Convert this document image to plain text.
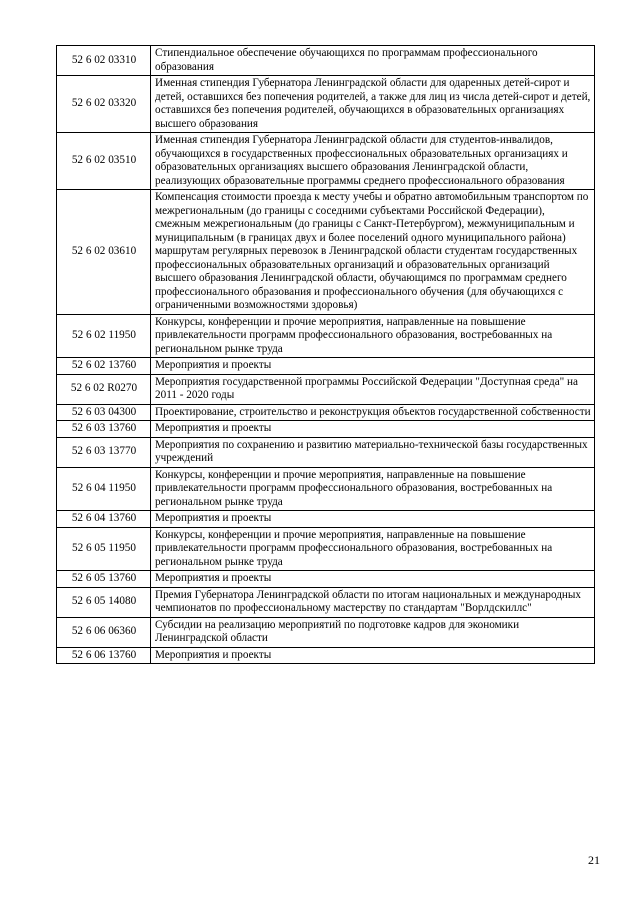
52 6 02 03310	Стипендиальное обеспечение обучающихся по программам профессионального образования
52 6 02 03320	Именная стипендия Губернатора Ленинградской области для одаренных детей-сирот и детей, оставшихся без попечения родителей, а также для лиц из числа детей-сирот и детей, оставшихся без попечения родителей, обучающихся в образовательных организациях высшего образования
52 6 02 03510	Именная стипендия Губернатора Ленинградской области для студентов-инвалидов, обучающихся в государственных профессиональных образовательных организациях и образовательных организациях высшего образования Ленинградской области, реализующих образовательные программы среднего профессионального образования
52 6 02 03610	Компенсация стоимости проезда к месту учебы и обратно автомобильным транспортом по межрегиональным (до границы с соседними субъектами Российской Федерации), смежным межрегиональным (до границы с Санкт-Петербургом), межмуниципальным и муниципальным (в границах двух и более поселений одного муниципального района) маршрутам регулярных перевозок в Ленинградской области студентам государственных профессиональных образовательных организаций и образовательных организаций высшего образования Ленинградской области, обучающимся по программам среднего профессионального образования и профессионального обучения (для обучающихся с ограниченными возможностями здоровья)
52 6 02 11950	Конкурсы, конференции и прочие мероприятия, направленные на повышение привлекательности программ профессионального образования, востребованных на региональном рынке труда
52 6 02 13760	Мероприятия и проекты
52 6 02 R0270	Мероприятия государственной программы Российской Федерации "Доступная среда" на 2011 - 2020 годы
52 6 03 04300	Проектирование, строительство и реконструкция объектов государственной собственности
52 6 03 13760	Мероприятия и проекты
52 6 03 13770	Мероприятия по сохранению и развитию материально-технической базы государственных учреждений
52 6 04 11950	Конкурсы, конференции и прочие мероприятия, направленные на повышение привлекательности программ профессионального образования, востребованных на региональном рынке труда
52 6 04 13760	Мероприятия и проекты
52 6 05 11950	Конкурсы, конференции и прочие мероприятия, направленные на повышение привлекательности программ профессионального образования, востребованных на региональном рынке труда
52 6 05 13760	Мероприятия и проекты
52 6 05 14080	Премия Губернатора Ленинградской области по итогам национальных и международных чемпионатов по профессиональному мастерству по стандартам "Ворлдскиллс"
52 6 06 06360	Субсидии на реализацию мероприятий по подготовке кадров для экономики Ленинградской области
52 6 06 13760	Мероприятия и проекты
21
